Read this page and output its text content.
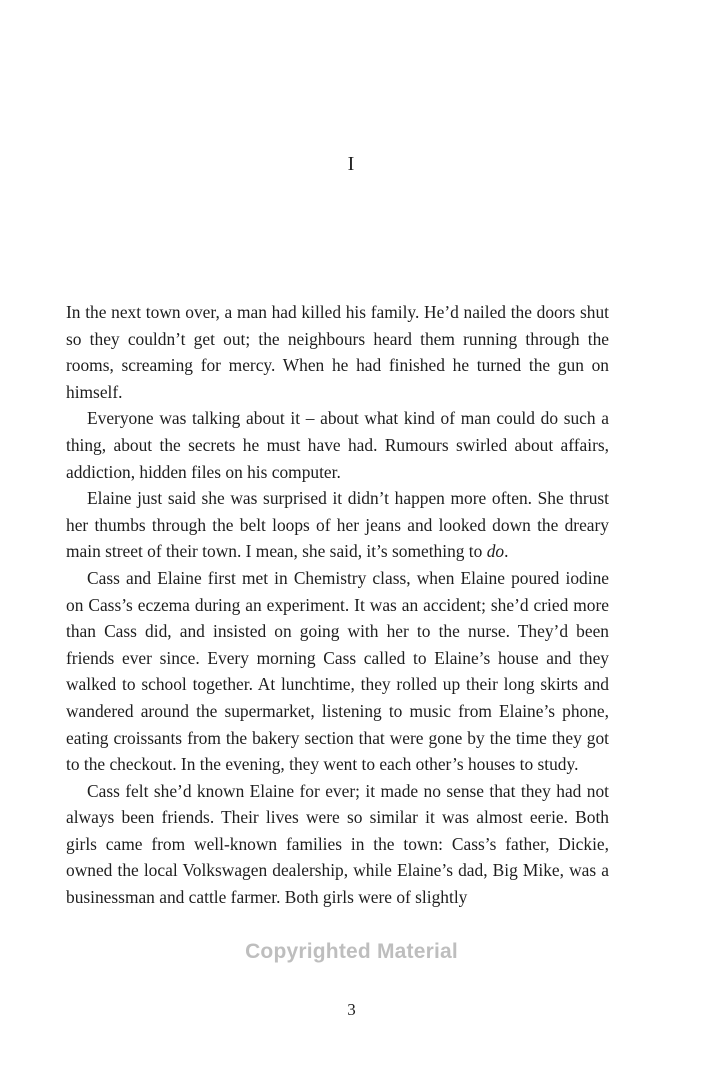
I

In the next town over, a man had killed his family. He’d nailed the doors shut so they couldn’t get out; the neighbours heard them running through the rooms, screaming for mercy. When he had finished he turned the gun on himself.

Everyone was talking about it – about what kind of man could do such a thing, about the secrets he must have had. Rumours swirled about affairs, addiction, hidden files on his computer.

Elaine just said she was surprised it didn’t happen more often. She thrust her thumbs through the belt loops of her jeans and looked down the dreary main street of their town. I mean, she said, it’s something to do.

Cass and Elaine first met in Chemistry class, when Elaine poured iodine on Cass’s eczema during an experiment. It was an accident; she’d cried more than Cass did, and insisted on going with her to the nurse. They’d been friends ever since. Every morning Cass called to Elaine’s house and they walked to school together. At lunchtime, they rolled up their long skirts and wandered around the supermarket, listening to music from Elaine’s phone, eating croissants from the bakery section that were gone by the time they got to the checkout. In the evening, they went to each other’s houses to study.

Cass felt she’d known Elaine for ever; it made no sense that they had not always been friends. Their lives were so similar it was almost eerie. Both girls came from well-known families in the town: Cass’s father, Dickie, owned the local Volkswagen dealership, while Elaine’s dad, Big Mike, was a businessman and cattle farmer. Both girls were of slightly

Copyrighted Material
3
